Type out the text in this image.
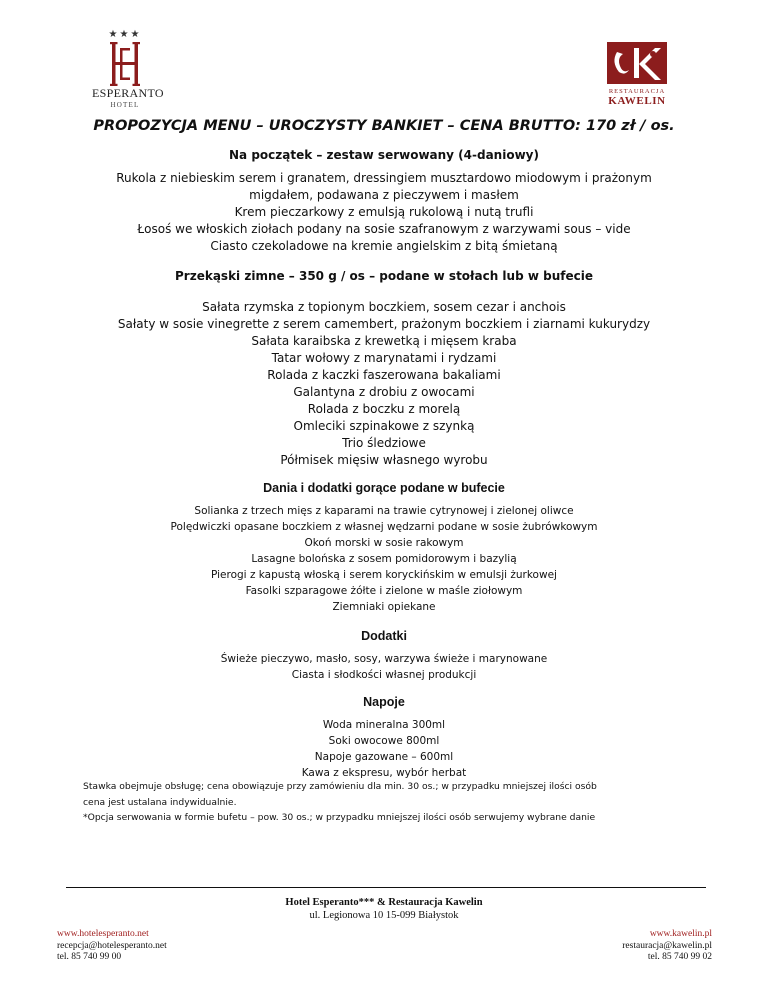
★★★
ESPERANTO
HOTEL
RESTAURACJA
KAWELIN
PROPOZYCJA MENU – UROCZYSTY BANKIET – CENA BRUTTO: 170 zł / os.
Na początek – zestaw serwowany (4-daniowy)
Rukola z niebieskim serem i granatem, dressingiem musztardowo miodowym i prażonym
migdałem, podawana z pieczywem i masłem
Krem pieczarkowy z emulsją rukolową i nutą trufli
Łosoś we włoskich ziołach podany na sosie szafranowym z warzywami sous – vide
Ciasto czekoladowe na kremie angielskim z bitą śmietaną
Przekąski zimne – 350 g / os – podane w stołach lub w bufecie
Sałata rzymska z topionym boczkiem, sosem cezar i anchois
Sałaty w sosie vinegrette z serem camembert, prażonym boczkiem i ziarnami kukurydzy
Sałata karaibska z krewetką i mięsem kraba
Tatar wołowy z marynatami i rydzami
Rolada z kaczki faszerowana bakaliami
Galantyna z drobiu z owocami
Rolada z boczku z morelą
Omleciki szpinakowe z szynką
Trio śledziowe
Półmisek mięsiw własnego wyrobu
Dania i dodatki gorące podane w bufecie
Solianka z trzech mięs z kaparami na trawie cytrynowej i zielonej oliwce
Polędwiczki opasane boczkiem z własnej wędzarni podane w sosie żubrówkowym
Okoń morski w sosie rakowym
Lasagne bolońska z sosem pomidorowym i bazylią
Pierogi z kapustą włoską i serem koryckińskim w emulsji żurkowej
Fasolki szparagowe żółte i zielone w maśle ziołowym
Ziemniaki opiekane
Dodatki
Świeże pieczywo, masło, sosy, warzywa świeże i marynowane
Ciasta i słodkości własnej produkcji
Napoje
Woda mineralna 300ml
Soki owocowe 800ml
Napoje gazowane – 600ml
Kawa z ekspresu, wybór herbat
Stawka obejmuje obsługę; cena obowiązuje przy zamówieniu dla min. 30 os.; w przypadku mniejszej ilości osób
cena jest ustalana indywidualnie.
*Opcja serwowania w formie bufetu – pow. 30 os.; w przypadku mniejszej ilości osób serwujemy wybrane danie
Hotel Esperanto*** & Restauracja Kawelin
ul. Legionowa 10 15-099 Białystok
www.hotelesperanto.net
recepcja@hotelesperanto.net
tel. 85 740 99 00
www.kawelin.pl
restauracja@kawelin.pl
tel. 85 740 99 02
